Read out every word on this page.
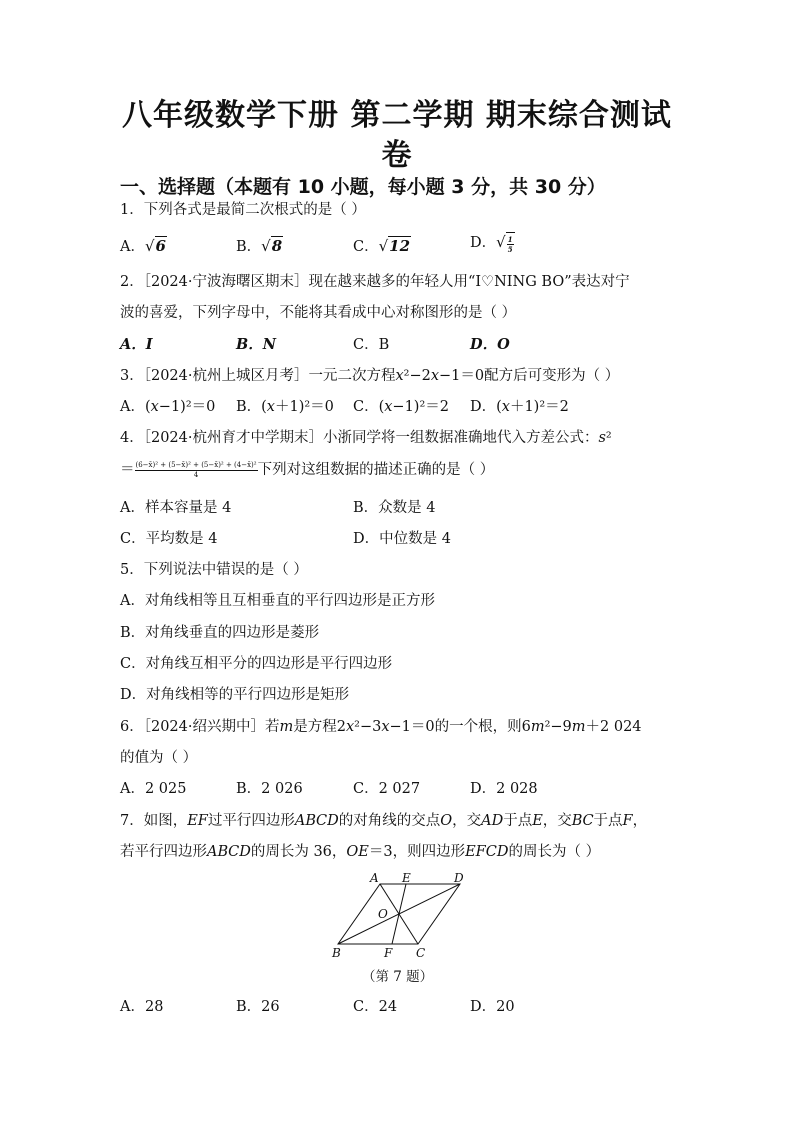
八年级数学下册 第二学期 期末综合测试
卷
一、选择题（本题有 10 小题，每小题 3 分，共 30 分）
1．下列各式是最简二次根式的是（ ）
A．√6	B．√8	C．√12	D．√ $\frac{1}{5}$
2．［2024·宁波海曙区期末］现在越来越多的年轻人用“I♡NING BO”表达对宁
波的喜爱，下列字母中，不能将其看成中心对称图形的是（ ）
A．I	B．N	C．B	D．O
3．［2024·杭州上城区月考］一元二次方程𝑥²−2𝑥−1＝0配方后可变形为（ ）
A．(𝑥−1)²＝0 B．(𝑥＋1)²＝0 C．(𝑥−1)²＝2 D．(𝑥＋1)²＝2
4．［2024·杭州育才中学期末］小浙同学将一组数据准确地代入方差公式：𝑠²
＝ $\frac{\text{(6−x̄)² + (5−x̄)² + (5−x̄)² + (4−x̄)²}}{4}$ 下列对这组数据的描述正确的是（ ）
A．样本容量是 4	B．众数是 4
C．平均数是 4	D．中位数是 4
5．下列说法中错误的是（ ）
A．对角线相等且互相垂直的平行四边形是正方形
B．对角线垂直的四边形是菱形
C．对角线互相平分的四边形是平行四边形
D．对角线相等的平行四边形是矩形
6．［2024·绍兴期中］若𝑚是方程2𝑥²−3𝑥−1＝0的一个根，则6𝑚²−9𝑚＋2 024
的值为（ ）
A．2 025	B．2 026	C．2 027	D．2 028
7．如图，𝐸𝐹过平行四边形𝐴𝐵𝐶𝐷的对角线的交点𝑂，交𝐴𝐷于点𝐸，交𝐵𝐶于点𝐹，
若平行四边形𝐴𝐵𝐶𝐷的周长为 36，𝑂𝐸＝3，则四边形𝐸𝐹𝐶𝐷的周长为（ ）
A E	D
O
B	F C
（第 7 题）
A．28	B．26	C．24	D．20
